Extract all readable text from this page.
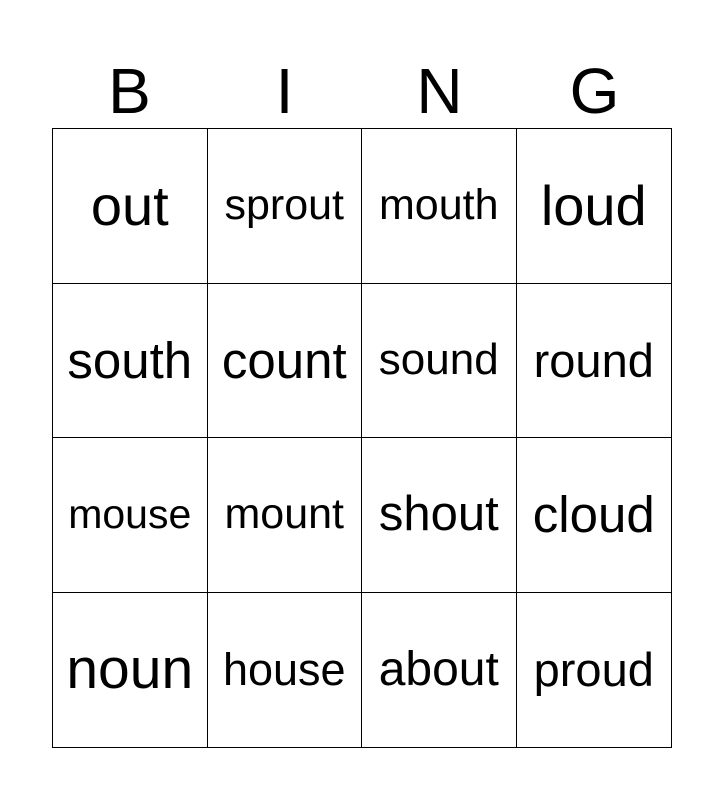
B	I	N	G
out sprout mouth loud
south count sound round
mouse mount shout cloud
noun house about proud
